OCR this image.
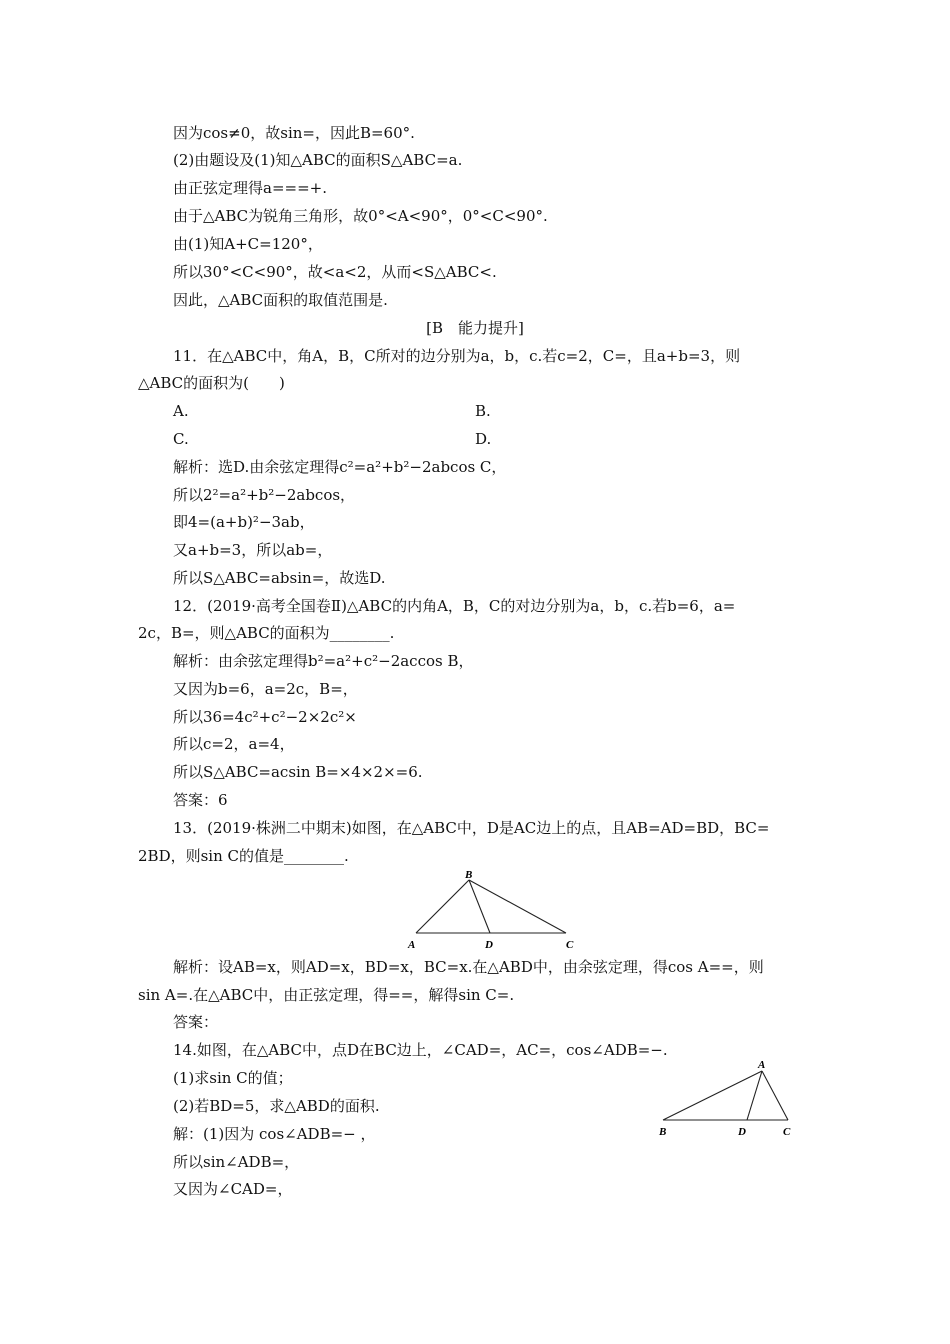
因为cos≠0，故sin=，因此B=60°.
(2)由题设及(1)知△ABC的面积S△ABC=a.
由正弦定理得a===+.
由于△ABC为锐角三角形，故0°<A<90°，0°<C<90°.
由(1)知A+C=120°，
所以30°<C<90°，故<a<2，从而<S△ABC<.
因此，△ABC面积的取值范围是.
[B　能力提升]
11．在△ABC中，角A，B，C所对的边分别为a，b，c.若c=2，C=，且a+b=3，则
△ABC的面积为(　　)
A.	B.
C.	D.
解析：选D.由余弦定理得c²=a²+b²−2abcos C，
所以2²=a²+b²−2abcos，
即4=(a+b)²−3ab，
又a+b=3，所以ab=，
所以S△ABC=absin=，故选D.
12．(2019·高考全国卷Ⅱ)△ABC的内角A，B，C的对边分别为a，b，c.若b=6，a=
2c，B=，则△ABC的面积为________.
解析：由余弦定理得b²=a²+c²−2accos B，
又因为b=6，a=2c，B=，
所以36=4c²+c²−2×2c²×
所以c=2，a=4，
所以S△ABC=acsin B=×4×2×=6.
答案：6
13．(2019·株洲二中期末)如图，在△ABC中，D是AC边上的点，且AB=AD=BD，BC=
2BD，则sin C的值是________.
B
A	D	C
解析：设AB=x，则AD=x，BD=x，BC=x.在△ABD中，由余弦定理，得cos A==，则
sin A=.在△ABC中，由正弦定理，得==，解得sin C=.
答案：
14.如图，在△ABC中，点D在BC边上，∠CAD=，AC=，cos∠ADB=−.
(1)求sin C的值；
(2)若BD=5，求△ABD的面积.
解：(1)因为 cos∠ADB=− ，
所以sin∠ADB=，
又因为∠CAD=，
A
B	D	C
